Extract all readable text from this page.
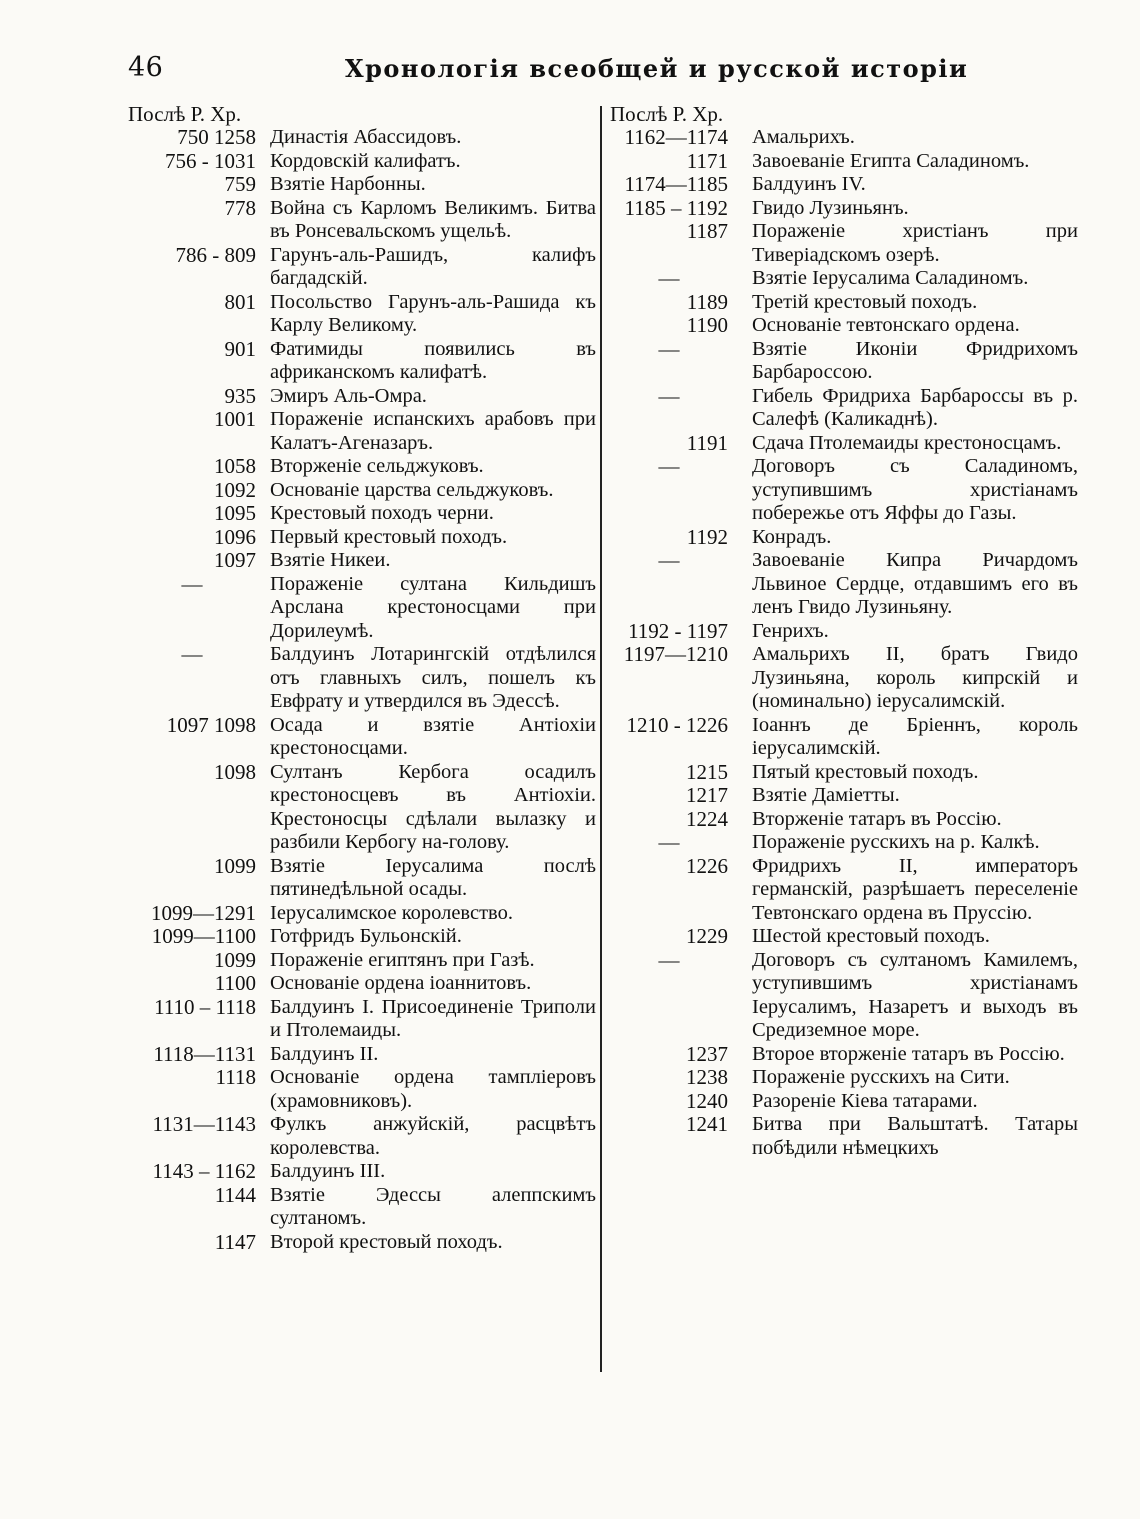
46	Хронологія всеобщей и русской исторіи
Послѣ Р. Хр.
750 1258 Династія Абассидовъ.
756 - 1031 Кордовскій калифатъ.
759 Взятіе Нарбонны.
778 Война съ Карломъ Великимъ. Битва въ Ронсевальскомъ ущельѣ.
786 - 809 Гарунъ-аль-Рашидъ, калифъ багдадскій.
801 Посольство Гарунъ-аль-Рашида къ Карлу Великому.
901 Фатимиды появились въ африканскомъ калифатѣ.
935 Эмиръ Аль-Омра.
1001 Пораженіе испанскихъ арабовъ при Калатъ-Агеназаръ.
1058 Вторженіе сельджуковъ.
1092 Основаніе царства сельджуковъ.
1095 Крестовый походъ черни.
1096 Первый крестовый походъ.
1097 Взятіе Никеи.
—	Пораженіе султана Кильдишъ Арслана крестоносцами при Дорилеумѣ.
—	Балдуинъ Лотарингскій отдѣлился отъ главныхъ силъ, пошелъ къ Евфрату и утвердился въ Эдессѣ.
1097 1098 Осада и взятіе Антіохіи крестоносцами.
1098 Султанъ Кербога осадилъ крестоносцевъ въ Антіохіи. Крестоносцы сдѣлали вылазку и разбили Кербогу на-голову.
1099 Взятіе Іерусалима послѣ пятинедѣльной осады.
1099—1291 Іерусалимское королевство.
1099—1100 Готфридъ Бульонскій.
1099 Пораженіе египтянъ при Газѣ.
1100 Основаніе ордена іоаннитовъ.
1110 – 1118 Балдуинъ I. Присоединеніе Триполи и Птолемаиды.
1118—1131 Балдуинъ II.
1118 Основаніе ордена тампліеровъ (храмовниковъ).
1131—1143 Фулкъ анжуйскій, расцвѣтъ королевства.
1143 – 1162 Балдуинъ III.
1144 Взятіе Эдессы алеппскимъ султаномъ.
1147 Второй крестовый походъ.
Послѣ Р. Хр.
1162—1174	Амальрихъ.
1171	Завоеваніе Египта Саладиномъ.
1174—1185	Балдуинъ IV.
1185 – 1192	Гвидо Лузиньянъ.
1187	Пораженіе христіанъ при Тиверіадскомъ озерѣ.
—	Взятіе Іерусалима Саладиномъ.
1189	Третій крестовый походъ.
1190	Основаніе тевтонскаго ордена.
—	Взятіе Иконіи Фридрихомъ Барбароссою.
—	Гибель Фридриха Барбароссы въ р. Салефѣ (Каликаднѣ).
1191	Сдача Птолемаиды крестоносцамъ.
—	Договоръ съ Саладиномъ, уступившимъ христіанамъ побережье отъ Яффы до Газы.
1192	Конрадъ.
—	Завоеваніе Кипра Ричардомъ Львиное Сердце, отдавшимъ его въ ленъ Гвидо Лузиньяну.
1192 - 1197	Генрихъ.
1197—1210	Амальрихъ II, братъ Гвидо Лузиньяна, король кипрскій и (номинально) іерусалимскій.
1210 - 1226	Іоаннъ де Бріеннъ, король іерусалимскій.
1215	Пятый крестовый походъ.
1217	Взятіе Даміетты.
1224	Вторженіе татаръ въ Россію.
—	Пораженіе русскихъ на р. Калкѣ.
1226	Фридрихъ II, императоръ германскій, разрѣшаетъ переселеніе Тевтонскаго ордена въ Пруссію.
1229	Шестой крестовый походъ.
—	Договоръ съ султаномъ Камилемъ, уступившимъ христіанамъ Іерусалимъ, Назаретъ и выходъ въ Средиземное море.
1237	Второе вторженіе татаръ въ Россію.
1238	Пораженіе русскихъ на Сити.
1240	Разореніе Кіева татарами.
1241	Битва при Вальштатѣ. Татары побѣдили нѣмецкихъ
